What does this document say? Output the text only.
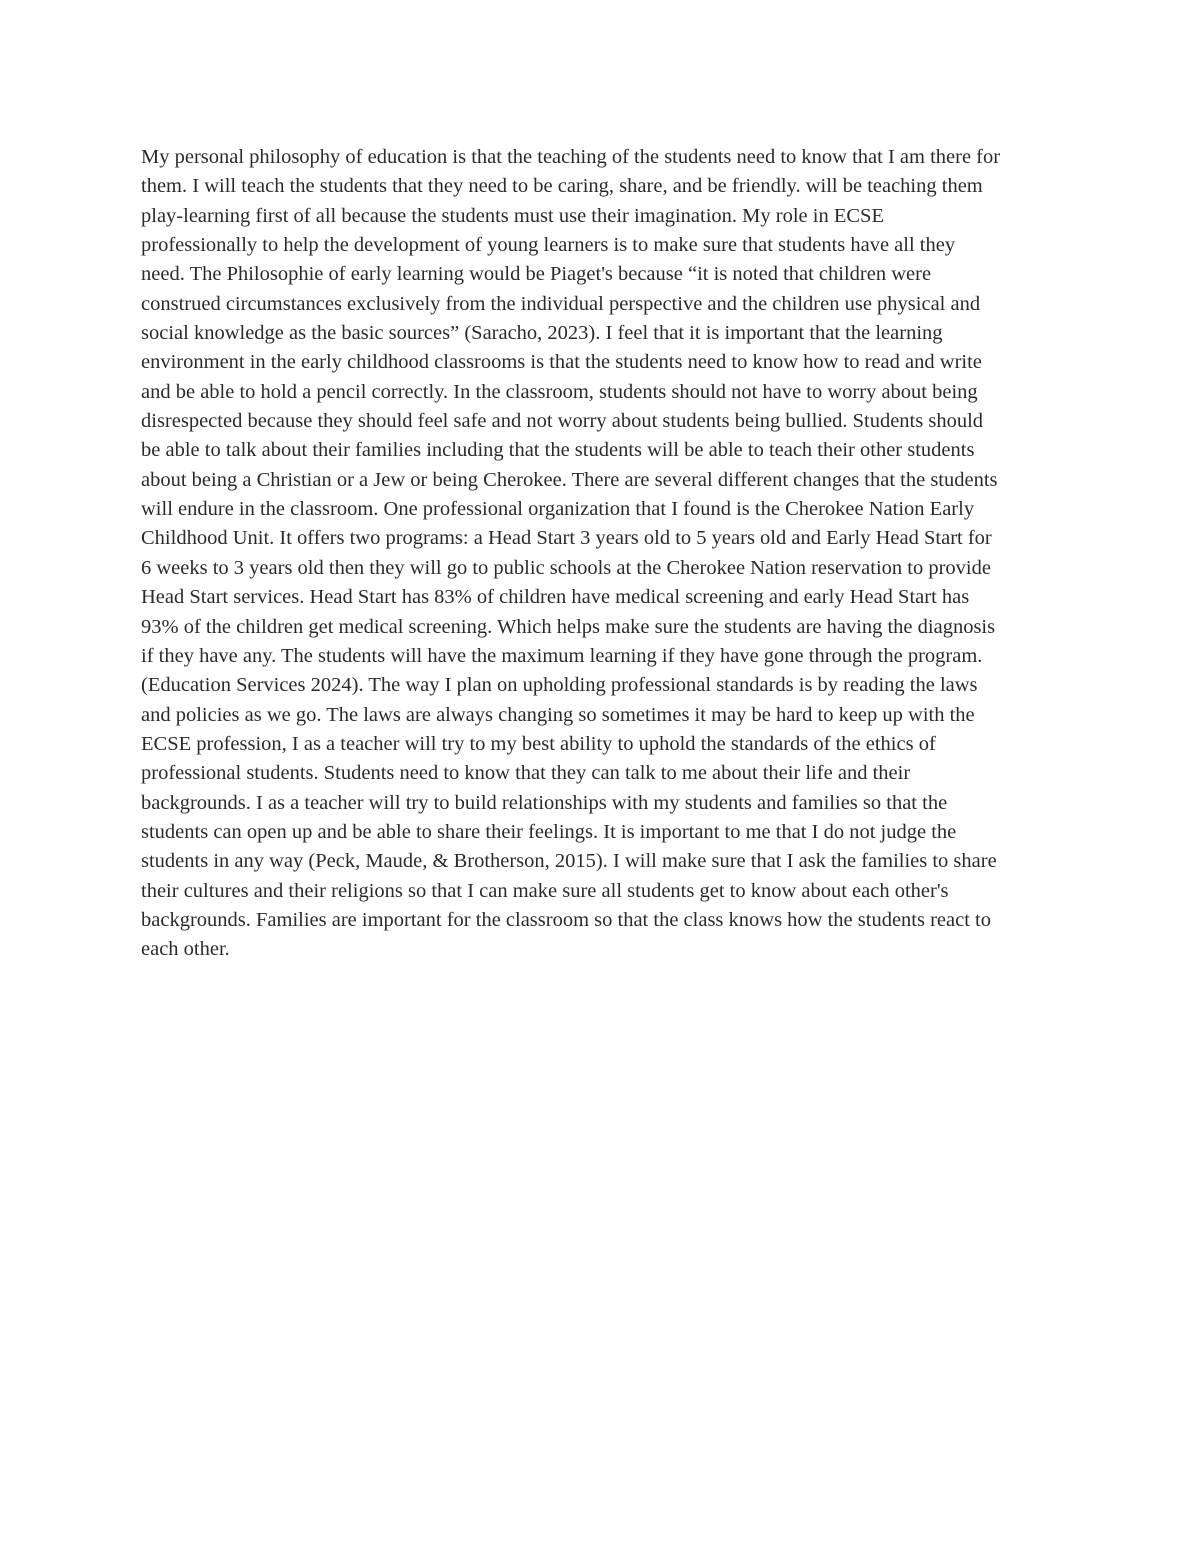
My personal philosophy of education is that the teaching of the students need to know that I am there for
them. I will teach the students that they need to be caring, share, and be friendly. will be teaching them
play-learning first of all because the students must use their imagination. My role in ECSE
professionally to help the development of young learners is to make sure that students have all they
need. The Philosophie of early learning would be Piaget's because “it is noted that children were
construed circumstances exclusively from the individual perspective and the children use physical and
social knowledge as the basic sources” (Saracho, 2023). I feel that it is important that the learning
environment in the early childhood classrooms is that the students need to know how to read and write
and be able to hold a pencil correctly. In the classroom, students should not have to worry about being
disrespected because they should feel safe and not worry about students being bullied. Students should
be able to talk about their families including that the students will be able to teach their other students
about being a Christian or a Jew or being Cherokee. There are several different changes that the students
will endure in the classroom. One professional organization that I found is the Cherokee Nation Early
Childhood Unit. It offers two programs: a Head Start 3 years old to 5 years old and Early Head Start for
6 weeks to 3 years old then they will go to public schools at the Cherokee Nation reservation to provide
Head Start services. Head Start has 83% of children have medical screening and early Head Start has
93% of the children get medical screening. Which helps make sure the students are having the diagnosis
if they have any. The students will have the maximum learning if they have gone through the program.
(Education Services 2024). The way I plan on upholding professional standards is by reading the laws
and policies as we go. The laws are always changing so sometimes it may be hard to keep up with the
ECSE profession, I as a teacher will try to my best ability to uphold the standards of the ethics of
professional students. Students need to know that they can talk to me about their life and their
backgrounds. I as a teacher will try to build relationships with my students and families so that the
students can open up and be able to share their feelings. It is important to me that I do not judge the
students in any way (Peck, Maude, & Brotherson, 2015). I will make sure that I ask the families to share
their cultures and their religions so that I can make sure all students get to know about each other's
backgrounds. Families are important for the classroom so that the class knows how the students react to
each other.
